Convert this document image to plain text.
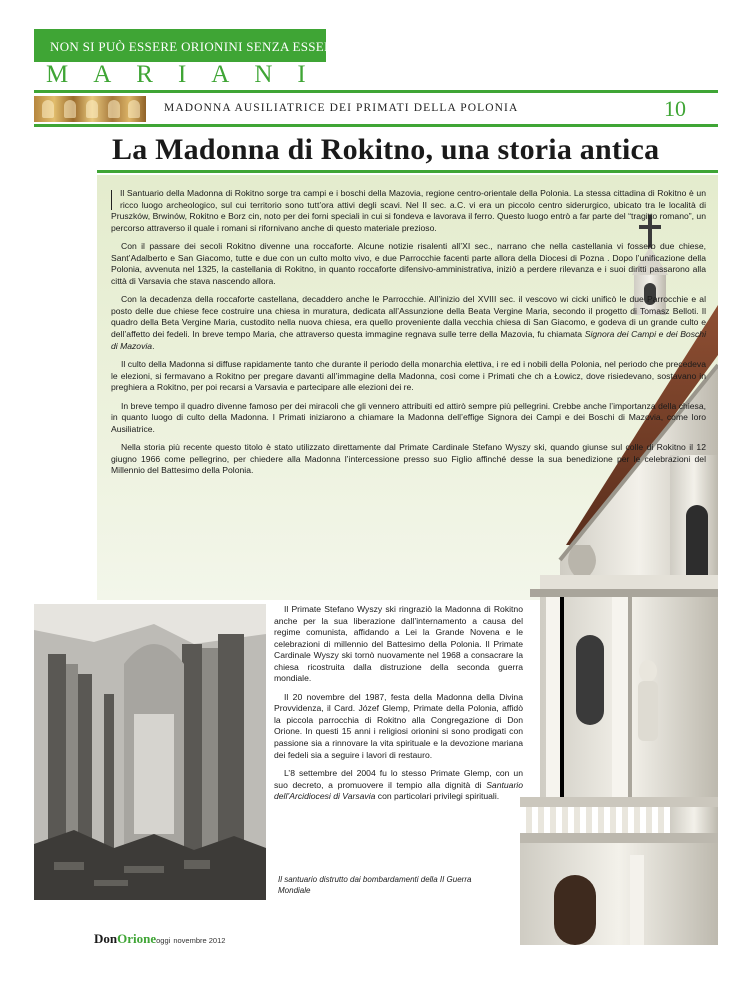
NON SI PUÒ ESSERE ORIONINI SENZA ESSERE
MARIANI
MADONNA AUSILIATRICE DEI PRIMATI DELLA POLONIA	10
La Madonna di Rokitno, una storia antica

Il Santuario della Madonna di Rokitno sorge tra campi e i boschi della Mazovia, regione centro-orientale della Polonia. La stessa cittadina di Rokitno è un ricco luogo archeologico, sul cui territorio sono tutt’ora attivi degli scavi. Nel II sec. a.C. vi era un piccolo centro siderurgico, ubicato tra le località di Pruszków, Brwinów, Rokitno e Borz cin, noto per dei forni speciali in cui si fondeva e lavorava il ferro. Questo luogo entrò a far parte del “tragitto romano”, un percorso attraverso il quale i romani si rifornivano anche di questo materiale prezioso.

Con il passare dei secoli Rokitno divenne una roccaforte. Alcune notizie risalenti all’XI sec., narrano che nella castellania vi fossero due chiese, Sant’Adalberto e San Giacomo, tutte e due con un culto molto vivo, e due Parrocchie facenti parte allora della Diocesi di Pozna . Dopo l’unificazione della Polonia, avvenuta nel 1325, la castellania di Rokitno, in quanto roccaforte difensivo-amministrativa, iniziò a perdere rilevanza e i suoi diritti passarono alla città di Varsavia che stava nascendo allora.

Con la decadenza della roccaforte castellana, decaddero anche le Parrocchie. All’inizio del XVIII sec. il vescovo wi cicki unificò le due Parrocchie e al posto delle due chiese fece costruire una chiesa in muratura, dedicata all’Assunzione della Beata Vergine Maria, secondo il progetto di Tomasz Belloti. Il quadro della Beta Vergine Maria, custodito nella nuova chiesa, era quello proveniente dalla vecchia chiesa di San Giacomo, e godeva di un grande culto e dell’affetto dei fedeli. In breve tempo Maria, che attraverso questa immagine regnava sulle terre della Mazovia, fu chiamata Signora dei Campi e dei Boschi di Mazovia.

Il culto della Madonna si diffuse rapidamente tanto che durante il periodo della monarchia elettiva, i re ed i nobili della Polonia, nel periodo che precedeva le elezioni, si fermavano a Rokitno per pregare davanti all’immagine della Madonna, così come i Primati che ch a Łowicz, dove risiedevano, sostavano in preghiera a Rokitno, per poi recarsi a Varsavia e partecipare alle elezioni dei re.

In breve tempo il quadro divenne famoso per dei miracoli che gli vennero attribuiti ed attirò sempre più pellegrini. Crebbe anche l’importanza della chiesa, in quanto luogo di culto della Madonna. I Primati iniziarono a chiamare la Madonna dell’effige Signora dei Campi e dei Boschi di Mazovia, come loro Ausiliatrice.

Nella storia più recente questo titolo è stato utilizzato direttamente dal Primate Cardinale Stefano Wyszy ski, quando giunse sul colle di Rokitno il 12 giugno 1966 come pellegrino, per chiedere alla Madonna l’intercessione presso suo Figlio affinché desse la sua benedizione per le celebrazioni del Millennio del Battesimo della Polonia.

Il Primate Stefano Wyszy ski ringraziò la Madonna di Rokitno anche per la sua liberazione dall’internamento a causa del regime comunista, affidando a Lei la Grande Novena e le celebrazioni di millennio del Battesimo della Polonia. Il Primate Cardinale Wyszy ski tornò nuovamente nel 1968 a consacrare la chiesa ricostruita dalla distruzione della seconda guerra mondiale.

Il 20 novembre del 1987, festa della Madonna della Divina Provvidenza, il Card. Józef Glemp, Primate della Polonia, affidò la piccola parrocchia di Rokitno alla Congregazione di Don Orione. In questi 15 anni i religiosi orionini si sono prodigati con passione sia a rinnovare la vita spirituale e la devozione mariana dei fedeli sia a seguire i lavori di restauro.

L’8 settembre del 2004 fu lo stesso Primate Glemp, con un suo decreto, a promuovere il tempio alla dignità di Santuario dell’Arcidiocesi di Varsavia con particolari privilegi spirituali.

Il santuario distrutto dai bombardamenti della II Guerra Mondiale
DonOrioneoggi novembre 2012
